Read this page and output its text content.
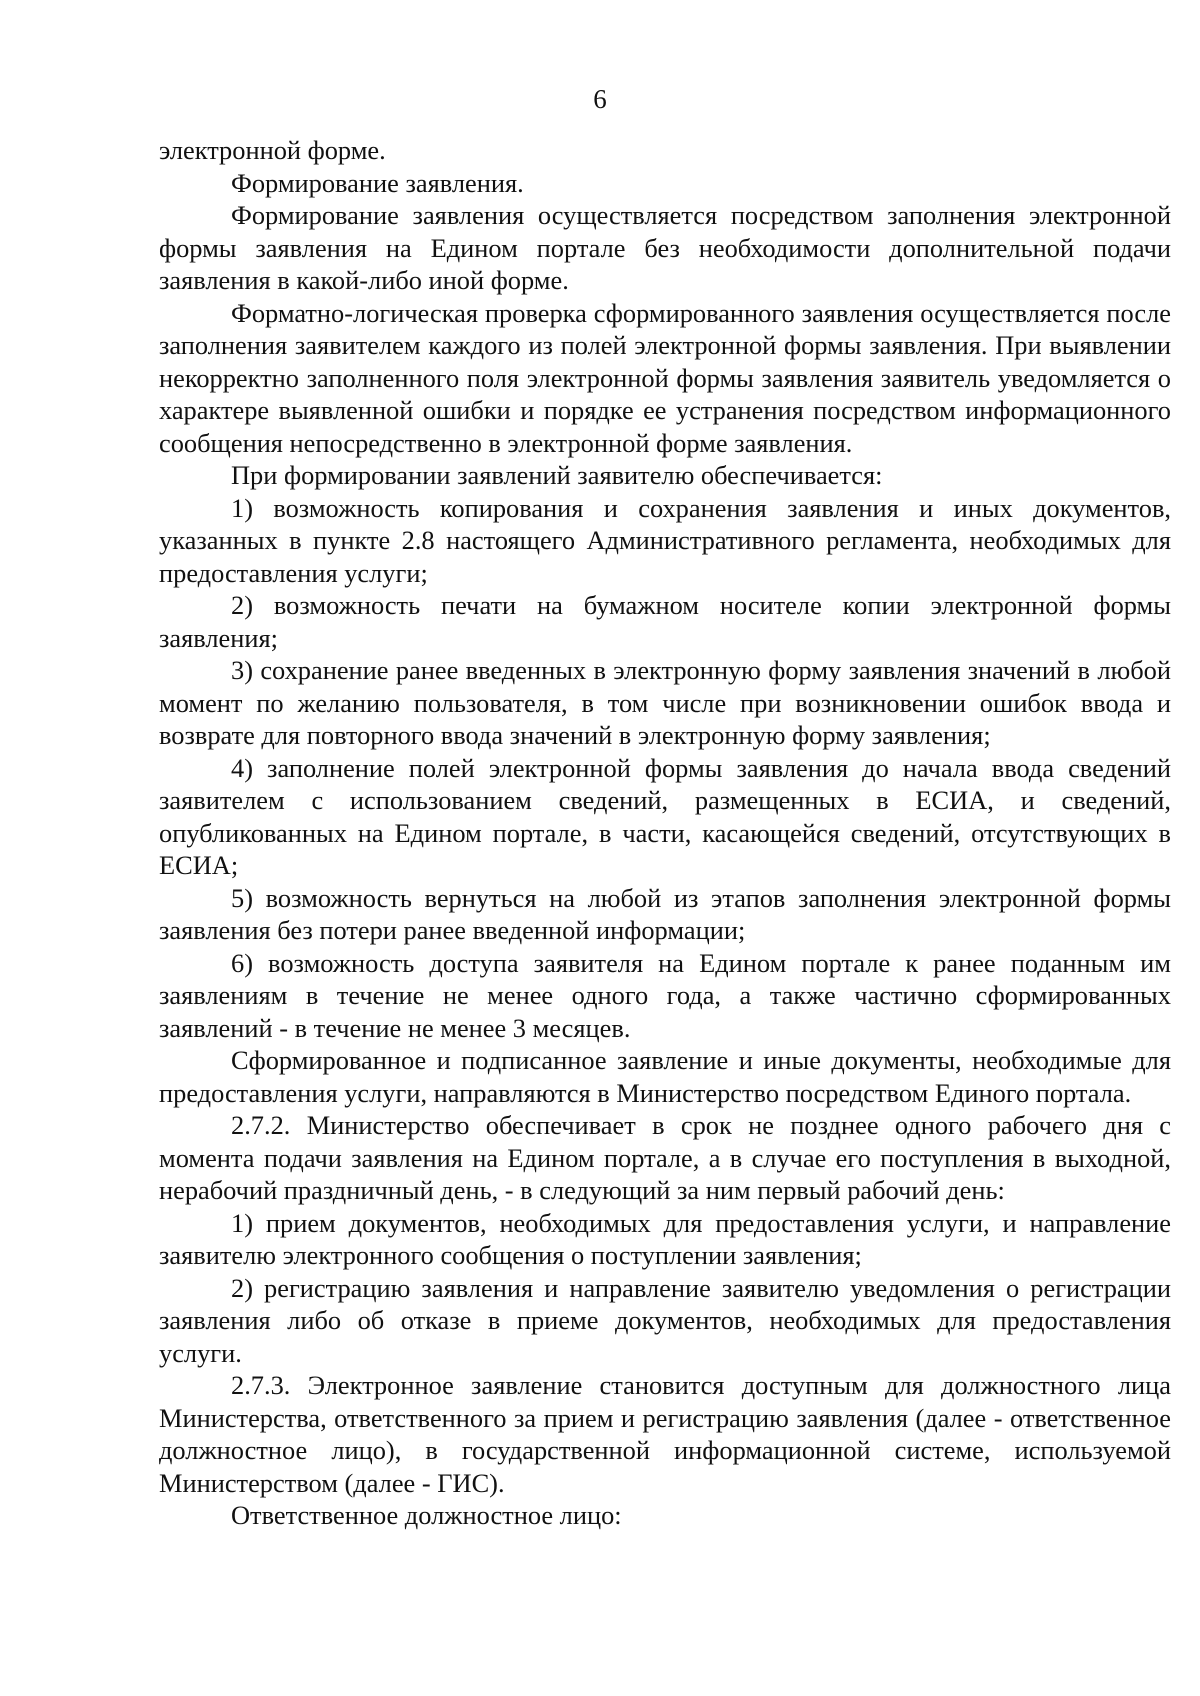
6

электронной форме.

Формирование заявления.

Формирование заявления осуществляется посредством заполнения электронной формы заявления на Едином портале без необходимости дополнительной подачи заявления в какой-либо иной форме.

Форматно-логическая проверка сформированного заявления осуществляется после заполнения заявителем каждого из полей электронной формы заявления. При выявлении некорректно заполненного поля электронной формы заявления заявитель уведомляется о характере выявленной ошибки и порядке ее устранения посредством информационного сообщения непосредственно в электронной форме заявления.

При формировании заявлений заявителю обеспечивается:

1) возможность копирования и сохранения заявления и иных документов, указанных в пункте 2.8 настоящего Административного регламента, необходимых для предоставления услуги;

2) возможность печати на бумажном носителе копии электронной формы заявления;

3) сохранение ранее введенных в электронную форму заявления значений в любой момент по желанию пользователя, в том числе при возникновении ошибок ввода и возврате для повторного ввода значений в электронную форму заявления;

4) заполнение полей электронной формы заявления до начала ввода сведений заявителем с использованием сведений, размещенных в ЕСИА, и сведений, опубликованных на Едином портале, в части, касающейся сведений, отсутствующих в ЕСИА;

5) возможность вернуться на любой из этапов заполнения электронной формы заявления без потери ранее введенной информации;

6) возможность доступа заявителя на Едином портале к ранее поданным им заявлениям в течение не менее одного года, а также частично сформированных заявлений - в течение не менее 3 месяцев.

Сформированное и подписанное заявление и иные документы, необходимые для предоставления услуги, направляются в Министерство посредством Единого портала.

2.7.2. Министерство обеспечивает в срок не позднее одного рабочего дня с момента подачи заявления на Едином портале, а в случае его поступления в выходной, нерабочий праздничный день, - в следующий за ним первый рабочий день:

1) прием документов, необходимых для предоставления услуги, и направление заявителю электронного сообщения о поступлении заявления;

2) регистрацию заявления и направление заявителю уведомления о регистрации заявления либо об отказе в приеме документов, необходимых для предоставления услуги.

2.7.3. Электронное заявление становится доступным для должностного лица Министерства, ответственного за прием и регистрацию заявления (далее - ответственное должностное лицо), в государственной информационной системе, используемой Министерством (далее - ГИС).

Ответственное должностное лицо:
